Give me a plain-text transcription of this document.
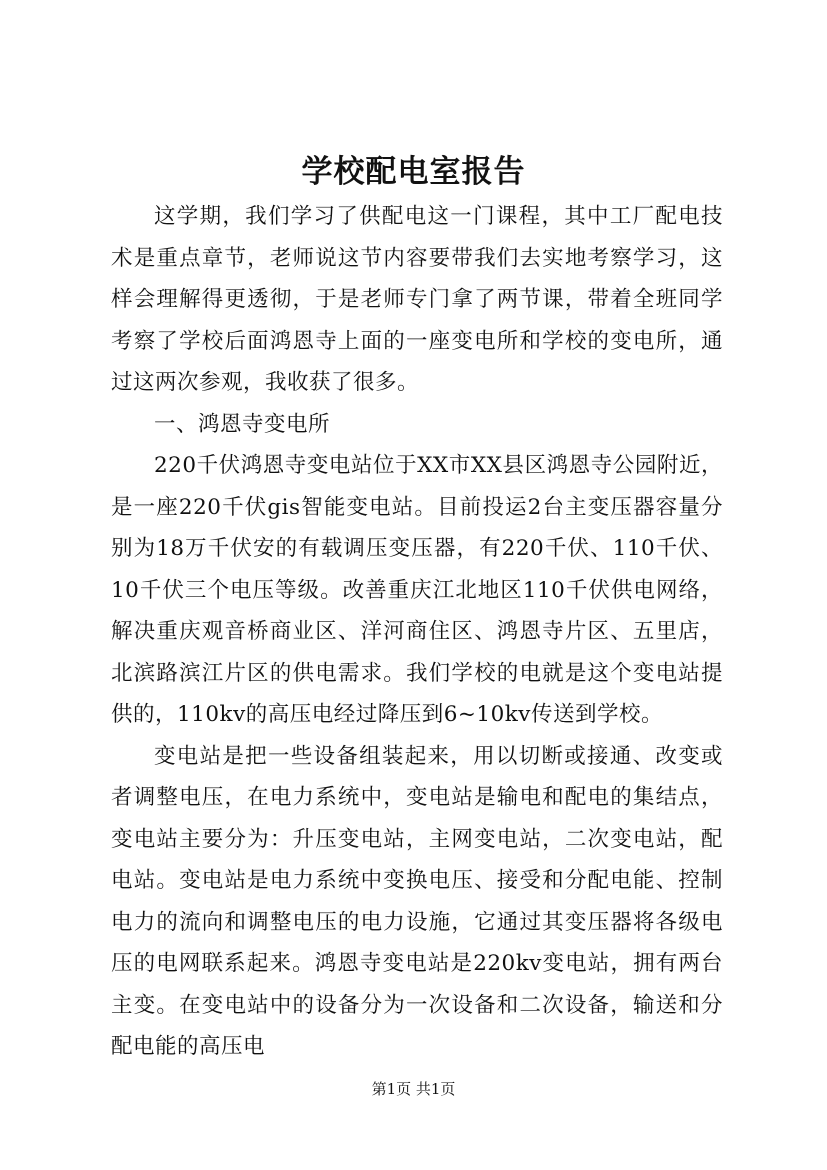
学校配电室报告

这学期，我们学习了供配电这一门课程，其中工厂配电技术是重点章节，老师说这节内容要带我们去实地考察学习，这样会理解得更透彻，于是老师专门拿了两节课，带着全班同学考察了学校后面鸿恩寺上面的一座变电所和学校的变电所，通过这两次参观，我收获了很多。

一、鸿恩寺变电所

220千伏鸿恩寺变电站位于XX市XX县区鸿恩寺公园附近，是一座220千伏gis智能变电站。目前投运2台主变压器容量分别为18万千伏安的有载调压变压器，有220千伏、110千伏、10千伏三个电压等级。改善重庆江北地区110千伏供电网络，解决重庆观音桥商业区、洋河商住区、鸿恩寺片区、五里店，北滨路滨江片区的供电需求。我们学校的电就是这个变电站提供的，110kv的高压电经过降压到6~10kv传送到学校。

变电站是把一些设备组装起来，用以切断或接通、改变或者调整电压，在电力系统中，变电站是输电和配电的集结点，变电站主要分为：升压变电站，主网变电站，二次变电站，配电站。变电站是电力系统中变换电压、接受和分配电能、控制电力的流向和调整电压的电力设施，它通过其变压器将各级电压的电网联系起来。鸿恩寺变电站是220kv变电站，拥有两台主变。在变电站中的设备分为一次设备和二次设备，输送和分配电能的高压电

第1页 共1页
